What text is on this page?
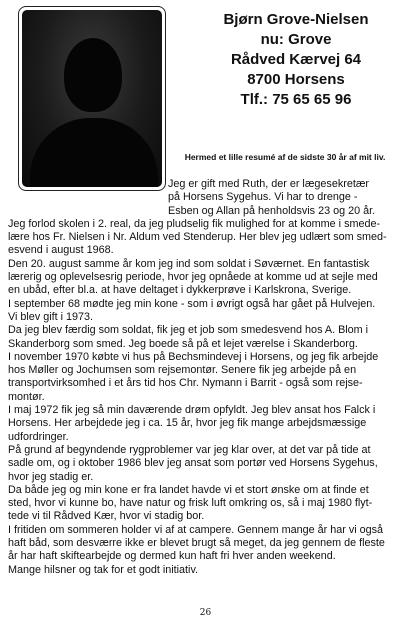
Bjørn Grove-Nielsen
nu: Grove
Rådved Kærvej 64
8700 Horsens
Tlf.: 75 65 65 96
Hermed et lille resumé af de sidste 30 år af mit liv.
Jeg er gift med Ruth, der er lægesekretær
på Horsens Sygehus. Vi har to drenge -
Esben og Allan på henholdsvis 23 og 20 år.
Jeg forlod skolen i 2. real, da jeg pludselig fik mulighed for at komme i smede-
lære hos Fr. Nielsen i Nr. Aldum ved Stenderup. Her blev jeg udlært som smed-
esvend i august 1968.
Den 20. august samme år kom jeg ind som soldat i Søværnet. En fantastisk
lærerig og oplevelsesrig periode, hvor jeg opnåede at komme ud at sejle med
en ubåd, efter bl.a. at have deltaget i dykkerprøve i Karlskrona, Sverige.
I september 68 mødte jeg min kone - som i øvrigt også har gået på Hulvejen.
Vi blev gift i 1973.
Da jeg blev færdig som soldat, fik jeg et job som smedesvend hos A. Blom i
Skanderborg som smed. Jeg boede så på et lejet værelse i Skanderborg.
I november 1970 købte vi hus på Bechsmindevej i Horsens, og jeg fik arbejde
hos Møller og Jochumsen som rejsemontør. Senere fik jeg arbejde på en
transportvirksomhed i et års tid hos Chr. Nymann i Barrit - også som rejse-
montør.
I maj 1972 fik jeg så min daværende drøm opfyldt. Jeg blev ansat hos Falck i
Horsens. Her arbejdede jeg i ca. 15 år, hvor jeg fik mange arbejdsmæssige
udfordringer.
På grund af begyndende rygproblemer var jeg klar over, at det var på tide at
sadle om, og i oktober 1986 blev jeg ansat som portør ved Horsens Sygehus,
hvor jeg stadig er.
Da både jeg og min kone er fra landet havde vi et stort ønske om at finde et
sted, hvor vi kunne bo, have natur og frisk luft omkring os, så i maj 1980 flyt-
tede vi til Rådved Kær, hvor vi stadig bor.
I fritiden om sommeren holder vi af at campere. Gennem mange år har vi også
haft båd, som desværre ikke er blevet brugt så meget, da jeg gennem de fleste
år har haft skiftearbejde og dermed kun haft fri hver anden weekend.
Mange hilsner og tak for et godt initiativ.
26
